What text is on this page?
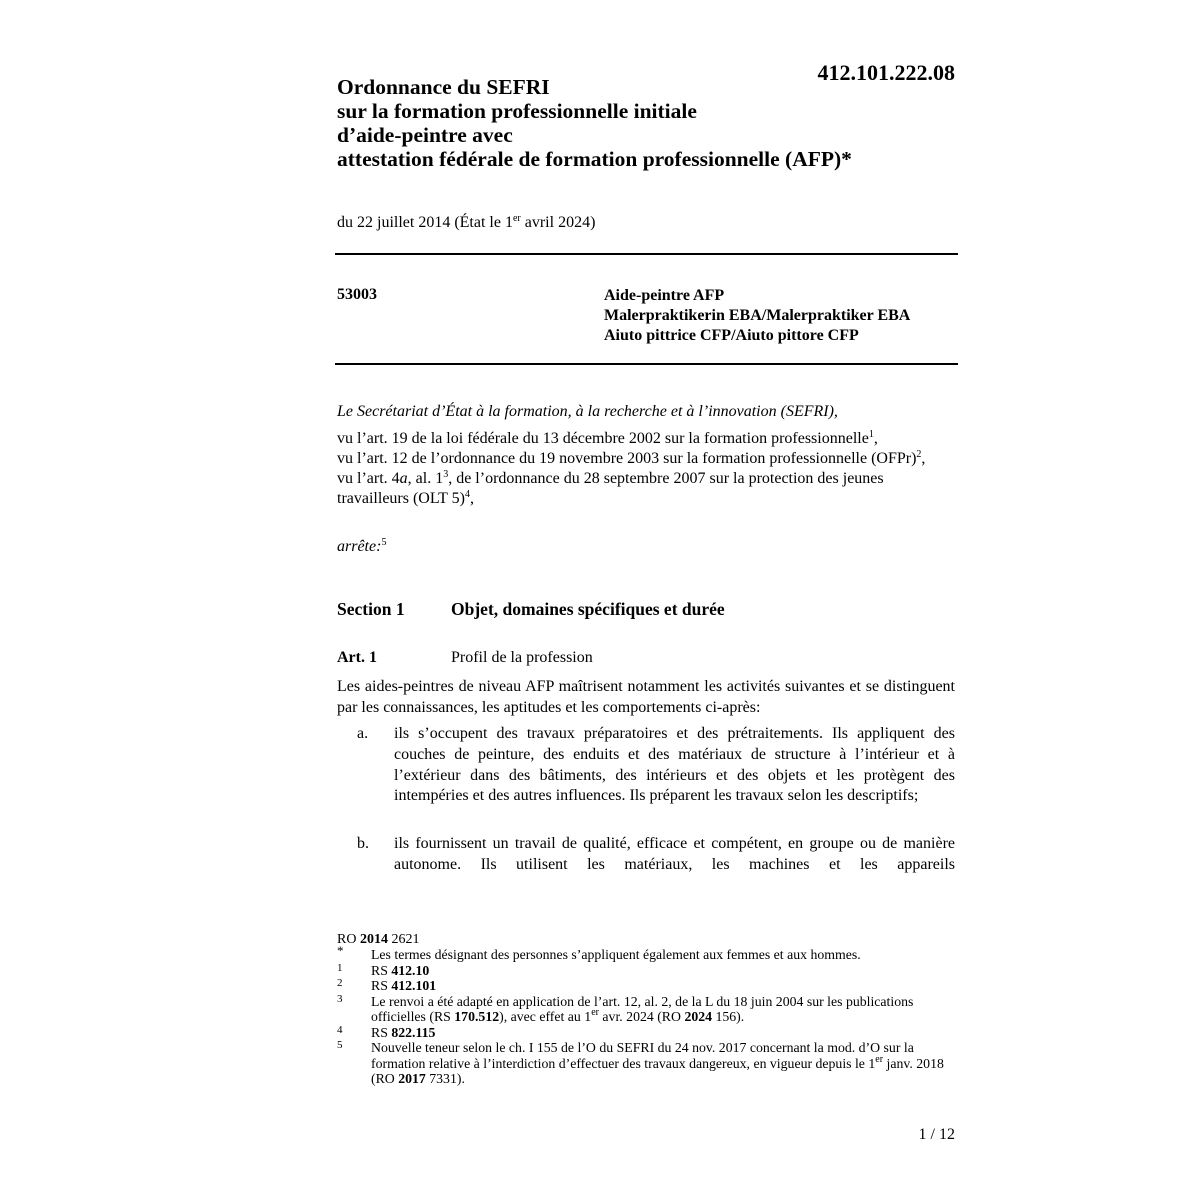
412.101.222.08
Ordonnance du SEFRI
sur la formation professionnelle initiale
d’aide-peintre avec
attestation fédérale de formation professionnelle (AFP)*
du 22 juillet 2014 (État le 1er avril 2024)
53003	Aide-peintre AFP
Malerpraktikerin EBA/Malerpraktiker EBA
Aiuto pittrice CFP/Aiuto pittore CFP
Le Secrétariat d’État à la formation, à la recherche et à l’innovation (SEFRI),
vu l’art. 19 de la loi fédérale du 13 décembre 2002 sur la formation professionnelle$^1$,
vu l’art. 12 de l’ordonnance du 19 novembre 2003 sur la formation professionnelle (OFPr)$^2$,
vu l’art. 4a, al. $1^3$, de l’ordonnance du 28 septembre 2007 sur la protection des jeunes travailleurs (OLT 5)$^4$,
arrête:$^5$
Section 1	Objet, domaines spécifiques et durée
Art. 1	Profil de la profession
Les aides-peintres de niveau AFP maîtrisent notamment les activités suivantes et se distinguent par les connaissances, les aptitudes et les comportements ci-après:
a. ils s’occupent des travaux préparatoires et des prétraitements. Ils appliquent des couches de peinture, des enduits et des matériaux de structure à l’intérieur et à l’extérieur dans des bâtiments, des intérieurs et des objets et les protègent des intempéries et des autres influences. Ils préparent les travaux selon les descriptifs;
b. ils fournissent un travail de qualité, efficace et compétent, en groupe ou de manière autonome. Ils utilisent les matériaux, les machines et les appareils
RO 2014 2621
* Les termes désignant des personnes s’appliquent également aux femmes et aux hommes.
1 RS 412.10
2 RS 412.101
3 Le renvoi a été adapté en application de l’art. 12, al. 2, de la L du 18 juin 2004 sur les publications officielles (RS 170.512), avec effet au 1er avr. 2024 (RO 2024 156).
4 RS 822.115
5 Nouvelle teneur selon le ch. I 155 de l’O du SEFRI du 24 nov. 2017 concernant la mod. d’O sur la formation relative à l’interdiction d’effectuer des travaux dangereux, en vigueur depuis le 1er janv. 2018 (RO 2017 7331).
1 / 12
